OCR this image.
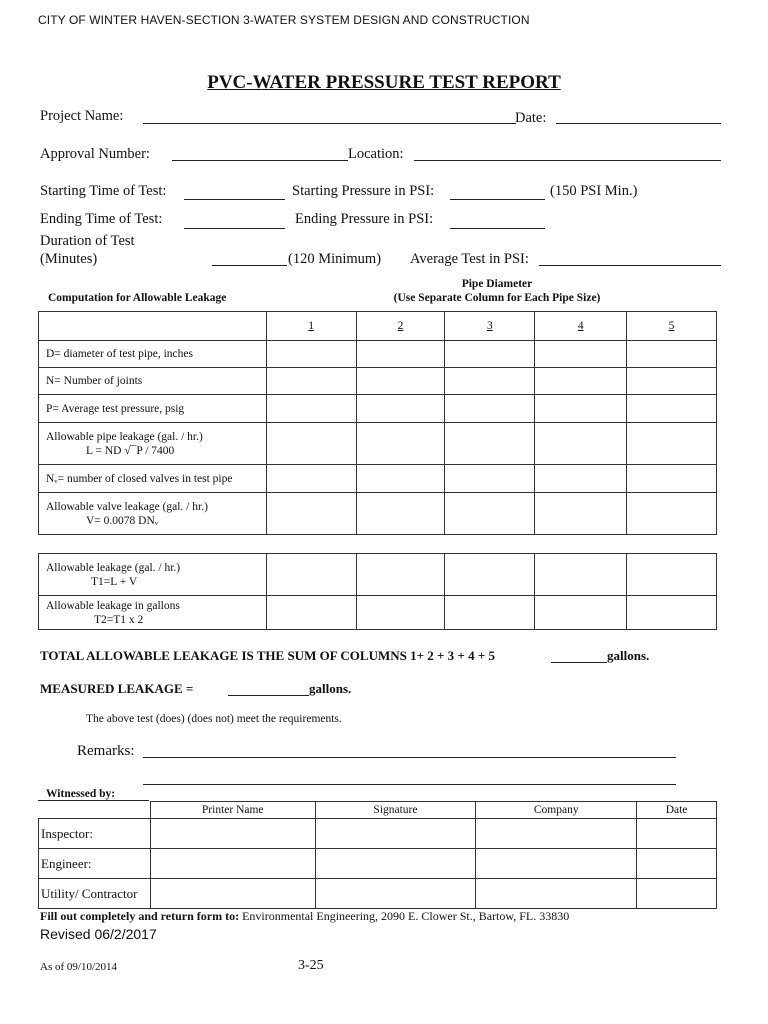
CITY OF WINTER HAVEN-SECTION 3-WATER SYSTEM DESIGN AND CONSTRUCTION
PVC-WATER PRESSURE TEST REPORT
Project Name:	Date:
Approval Number:	Location:
Starting Time of Test:	Starting Pressure in PSI:	(150 PSI Min.)
Ending Time of Test:	Ending Pressure in PSI:
Duration of Test
(Minutes)	(120 Minimum) Average Test in PSI:
Computation for Allowable Leakage
Pipe Diameter
(Use Separate Column for Each Pipe Size)
	1	2	3	4	5
D= diameter of test pipe, inches					
N= Number of joints					
P= Average test pressure, psig					

Allowable pipe leakage (gal. / hr.)
L = ND √¯P / 7400					

Nᵥ= number of closed valves in test pipe					

Allowable valve leakage (gal. / hr.)
V= 0.0078 DNᵥ					

Allowable leakage (gal. / hr.)
T1=L + V					

Allowable leakage in gallons
T2=T1 x 2					

TOTAL ALLOWABLE LEAKAGE IS THE SUM OF COLUMNS 1+ 2 + 3 + 4 + 5	gallons.
MEASURED LEAKAGE =	gallons.
The above test (does) (does not) meet the requirements.
Remarks:
Witnessed by:
	Printer Name	Signature	Company	Date
Inspector:				
Engineer:				
Utility/ Contractor				
Fill out completely and return form to: Environmental Engineering, 2090 E. Clower St., Bartow, FL. 33830
Revised 06/2/2017
As of 09/10/2014	3-25
